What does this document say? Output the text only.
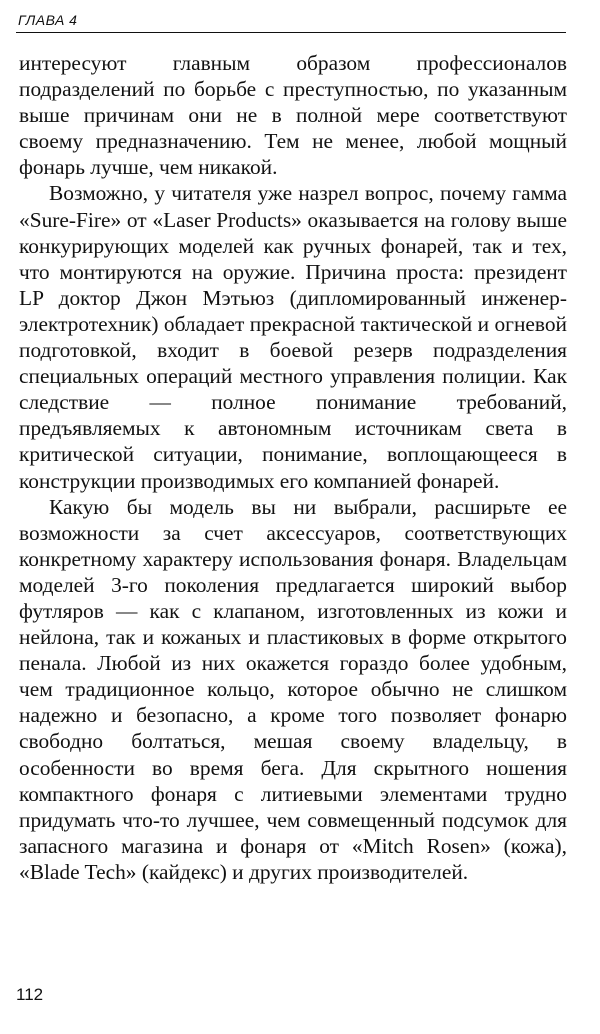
ГЛАВА 4

интересуют главным образом профессионалов подразделений по борьбе с преступностью, по указанным выше причинам они не в полной мере соответствуют своему предназначению. Тем не менее, любой мощный фонарь лучше, чем никакой.

Возможно, у читателя уже назрел вопрос, почему гамма «Sure-Fire» от «Laser Products» оказывается на голову выше конкурирующих моделей как ручных фонарей, так и тех, что монтируются на оружие. Причина проста: президент LP доктор Джон Мэтьюз (дипломированный инженер-электротехник) обладает прекрасной тактической и огневой подготовкой, входит в боевой резерв подразделения специальных операций местного управления полиции. Как следствие — полное понимание требований, предъявляемых к автономным источникам света в критической ситуации, понимание, воплощающееся в конструкции производимых его компанией фонарей.

Какую бы модель вы ни выбрали, расширьте ее возможности за счет аксессуаров, соответствующих конкретному характеру использования фонаря. Владельцам моделей 3-го поколения предлагается широкий выбор футляров — как с клапаном, изготовленных из кожи и нейлона, так и кожаных и пластиковых в форме открытого пенала. Любой из них окажется гораздо более удобным, чем традиционное кольцо, которое обычно не слишком надежно и безопасно, а кроме того позволяет фонарю свободно болтаться, мешая своему владельцу, в особенности во время бега. Для скрытного ношения компактного фонаря с литиевыми элементами трудно придумать что-то лучшее, чем совмещенный подсумок для запасного магазина и фонаря от «Mitch Rosen» (кожа), «Blade Tech» (кайдекс) и других производителей.

112
